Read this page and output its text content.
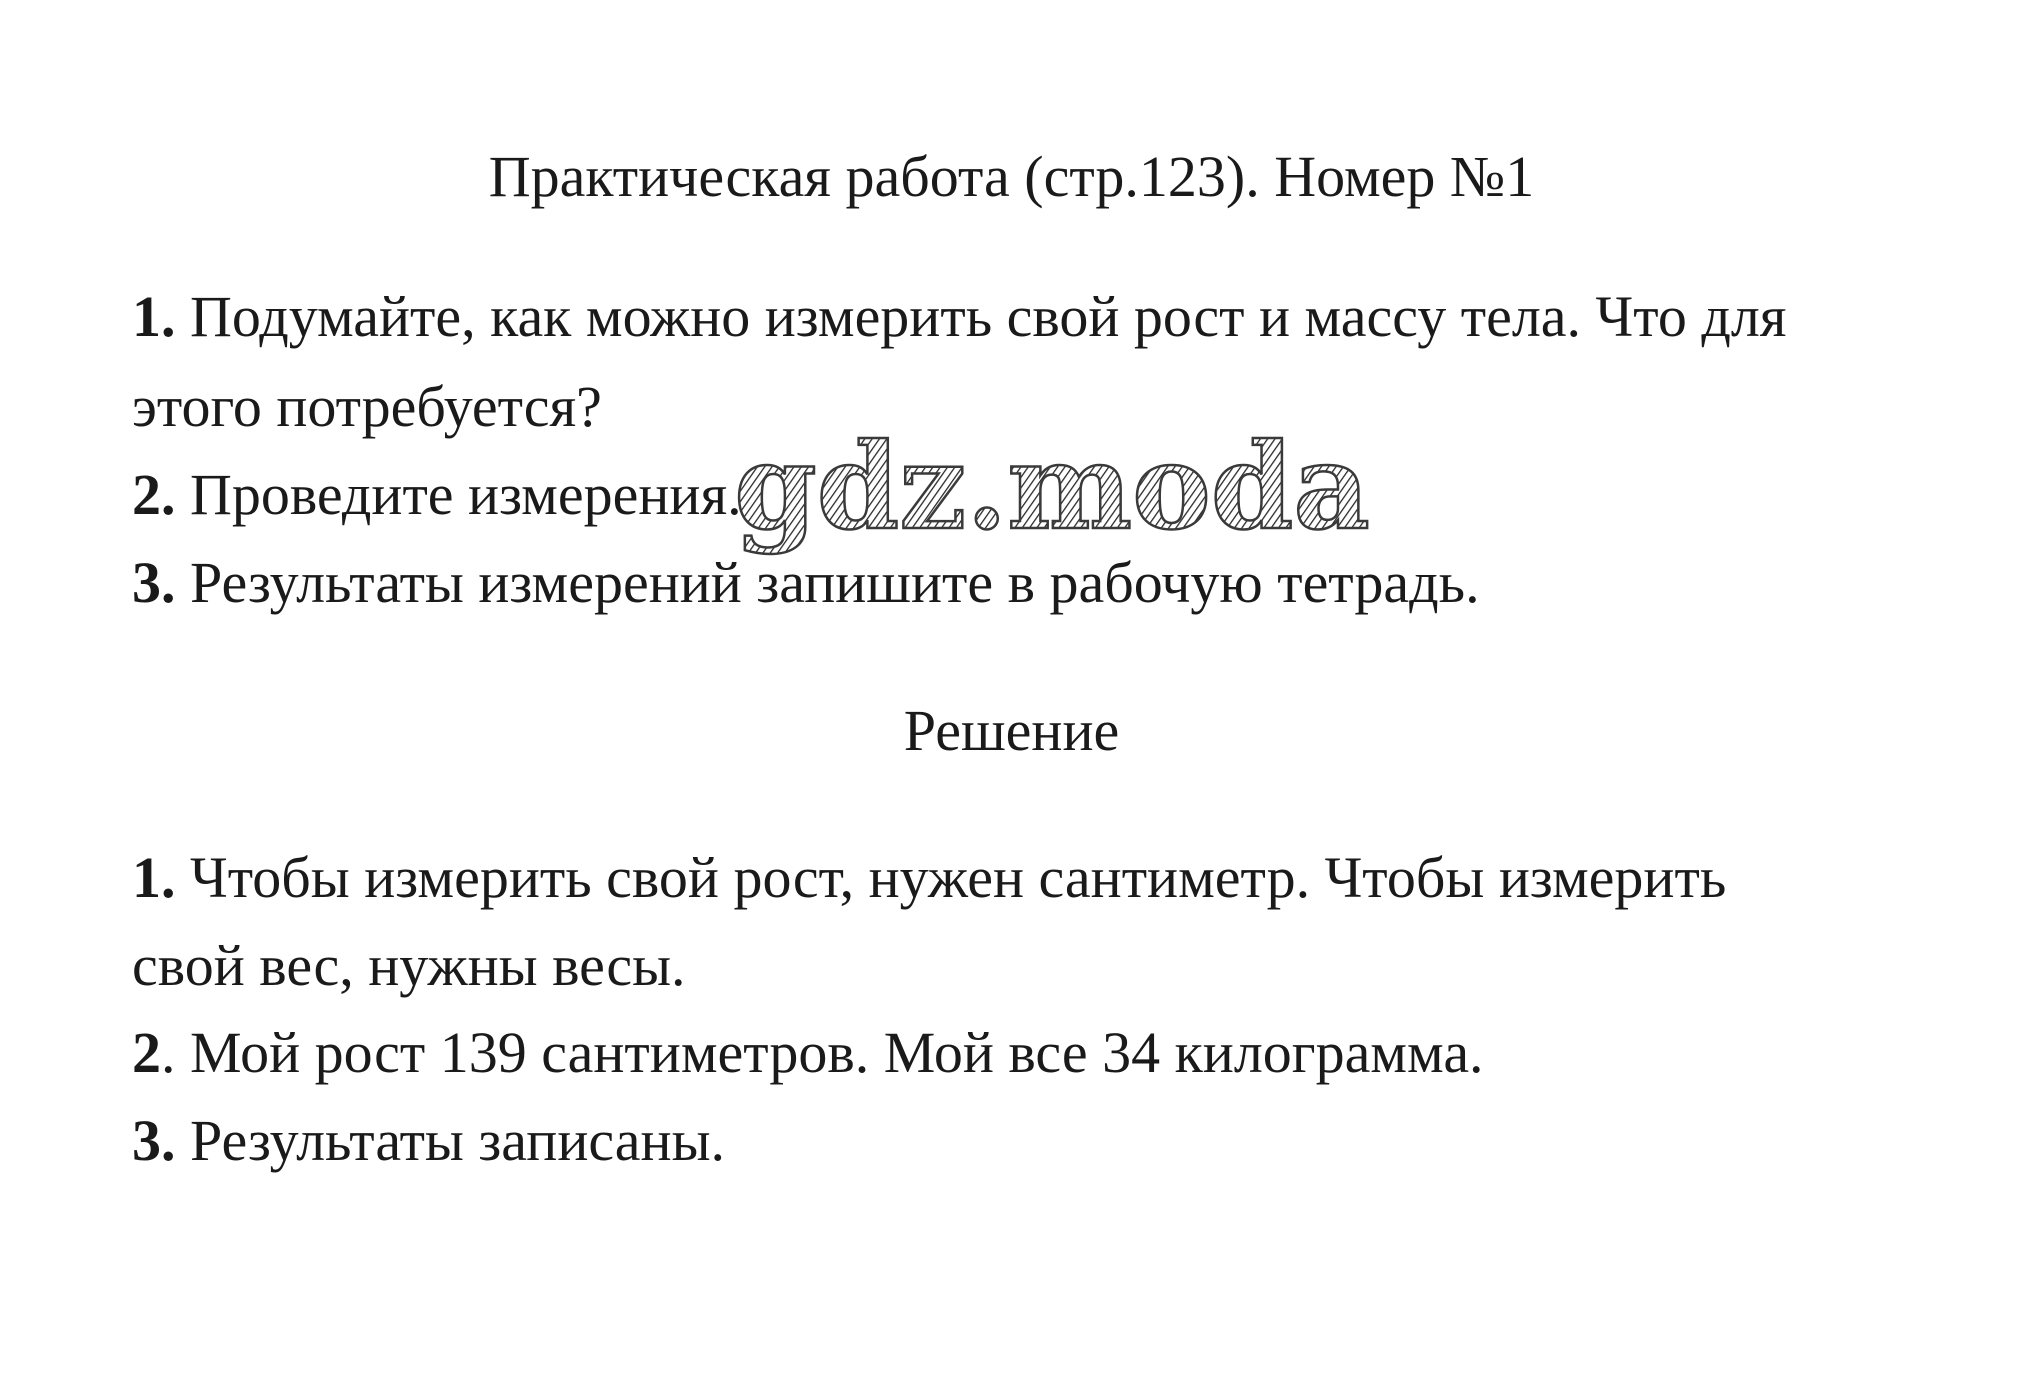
Практическая работа (стр.123). Номер №1
1. Подумайте, как можно измерить свой рост и массу тела. Что для
этого потребуется?
2. Проведите измерения.
3. Результаты измерений запишите в рабочую тетрадь.
Решение
1. Чтобы измерить свой рост, нужен сантиметр. Чтобы измерить
свой вес, нужны весы.
2. Мой рост 139 сантиметров. Мой все 34 килограмма.
3. Результаты записаны.
gdz.moda
